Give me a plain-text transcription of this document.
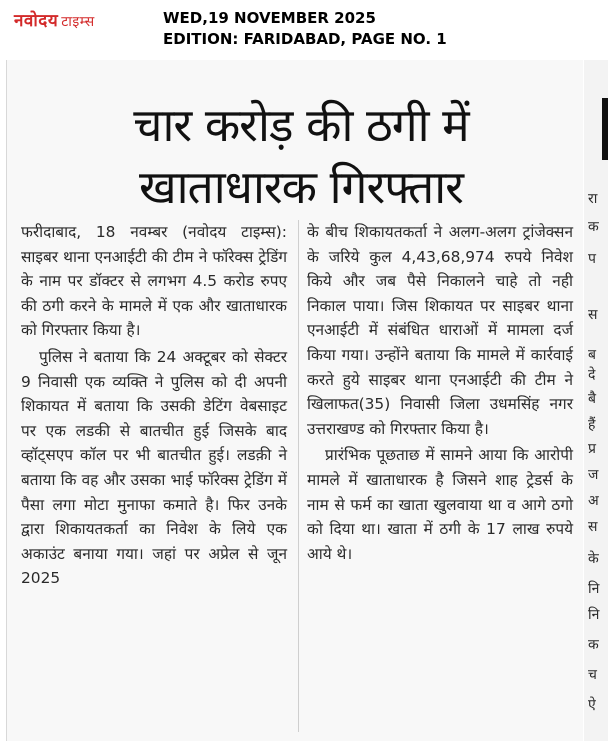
नवोदय टाइम्स	WED,19 NOVEMBER 2025
EDITION: FARIDABAD, PAGE NO. 1
चार करोड़ की ठगी में
खाताधारक गिरफ्तार

फरीदाबाद, 18 नवम्बर (नवोदय टाइम्स): साइबर थाना एनआईटी की टीम ने फॉरेक्स ट्रेडिंग के नाम पर डॉक्टर से लगभग 4.5 करोड रुपए की ठगी करने के मामले में एक और खाताधारक को गिरफ्तार किया है।

पुलिस ने बताया कि 24 अक्टूबर को सेक्टर 9 निवासी एक व्यक्ति ने पुलिस को दी अपनी शिकायत में बताया कि उसकी डेटिंग वेबसाइट पर एक लडकी से बातचीत हुई जिसके बाद व्हॉट्सएप कॉल पर भी बातचीत हुई। लडक़ी ने बताया कि वह और उसका भाई फॉरेक्स ट्रेडिंग में पैसा लगा मोटा मुनाफा कमाते है। फिर उनके द्वारा शिकायतकर्ता का निवेश के लिये एक अकाउंट बनाया गया। जहां पर अप्रेल से जून 2025

के बीच शिकायतकर्ता ने अलग-अलग ट्रांजेक्सन के जरिये कुल 4,43,68,974 रुपये निवेश किये और जब पैसे निकालने चाहे तो नही निकाल पाया। जिस शिकायत पर साइबर थाना एनआईटी में संबंधित धाराओं में मामला दर्ज किया गया। उन्होंने बताया कि मामले में कार्रवाई करते हुये साइबर थाना एनआईटी की टीम ने खिलाफत(35) निवासी जिला उधमसिंह नगर उत्तराखण्ड को गिरफ्तार किया है।

प्रारंभिक पूछताछ में सामने आया कि आरोपी मामले में खाताधारक है जिसने शाह ट्रेडर्स के नाम से फर्म का खाता खुलवाया था व आगे ठगो को दिया था। खाता में ठगी के 17 लाख रुपये आये थे।

रा
क
प
स
ब
दे
बै
हैं
प्र
ज
अ
स
के
नि
नि
क
च
ऐ
